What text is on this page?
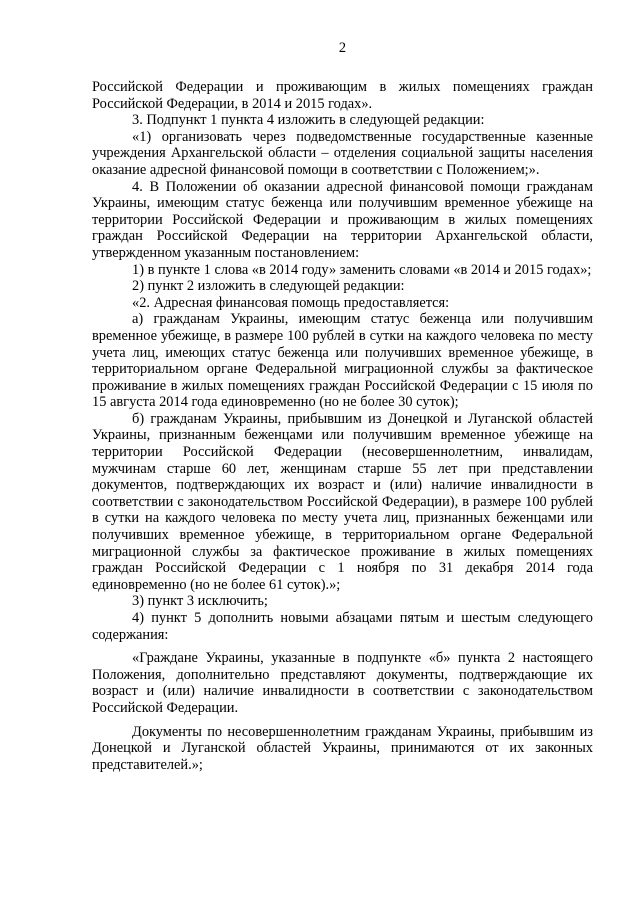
2

Российской Федерации и проживающим в жилых помещениях граждан Российской Федерации, в 2014 и 2015 годах».

3. Подпункт 1 пункта 4 изложить в следующей редакции:

«1) организовать через подведомственные государственные казенные учреждения Архангельской области – отделения социальной защиты населения оказание адресной финансовой помощи в соответствии с Положением;».

4. В Положении об оказании адресной финансовой помощи гражданам Украины, имеющим статус беженца или получившим временное убежище на территории Российской Федерации и проживающим в жилых помещениях граждан Российской Федерации на территории Архангельской области, утвержденном указанным постановлением:

1) в пункте 1 слова «в 2014 году» заменить словами «в 2014 и 2015 годах»;

2) пункт 2 изложить в следующей редакции:

«2. Адресная финансовая помощь предоставляется:

а) гражданам Украины, имеющим статус беженца или получившим временное убежище, в размере 100 рублей в сутки на каждого человека по месту учета лиц, имеющих статус беженца или получивших временное убежище, в территориальном органе Федеральной миграционной службы за фактическое проживание в жилых помещениях граждан Российской Федерации с 15 июля по 15 августа 2014 года единовременно (но не более 30 суток);

б) гражданам Украины, прибывшим из Донецкой и Луганской областей Украины, признанным беженцами или получившим временное убежище на территории Российской Федерации (несовершеннолетним, инвалидам, мужчинам старше 60 лет, женщинам старше 55 лет при представлении документов, подтверждающих их возраст и (или) наличие инвалидности в соответствии с законодательством Российской Федерации), в размере 100 рублей в сутки на каждого человека по месту учета лиц, признанных беженцами или получивших временное убежище, в территориальном органе Федеральной миграционной службы за фактическое проживание в жилых помещениях граждан Российской Федерации с 1 ноября по 31 декабря 2014 года единовременно (но не более 61 суток).»;

3) пункт 3 исключить;

4) пункт 5 дополнить новыми абзацами пятым и шестым следующего содержания:

«Граждане Украины, указанные в подпункте «б» пункта 2 настоящего Положения, дополнительно представляют документы, подтверждающие их возраст и (или) наличие инвалидности в соответствии с законодательством Российской Федерации.

Документы по несовершеннолетним гражданам Украины, прибывшим из Донецкой и Луганской областей Украины, принимаются от их законных представителей.»;
